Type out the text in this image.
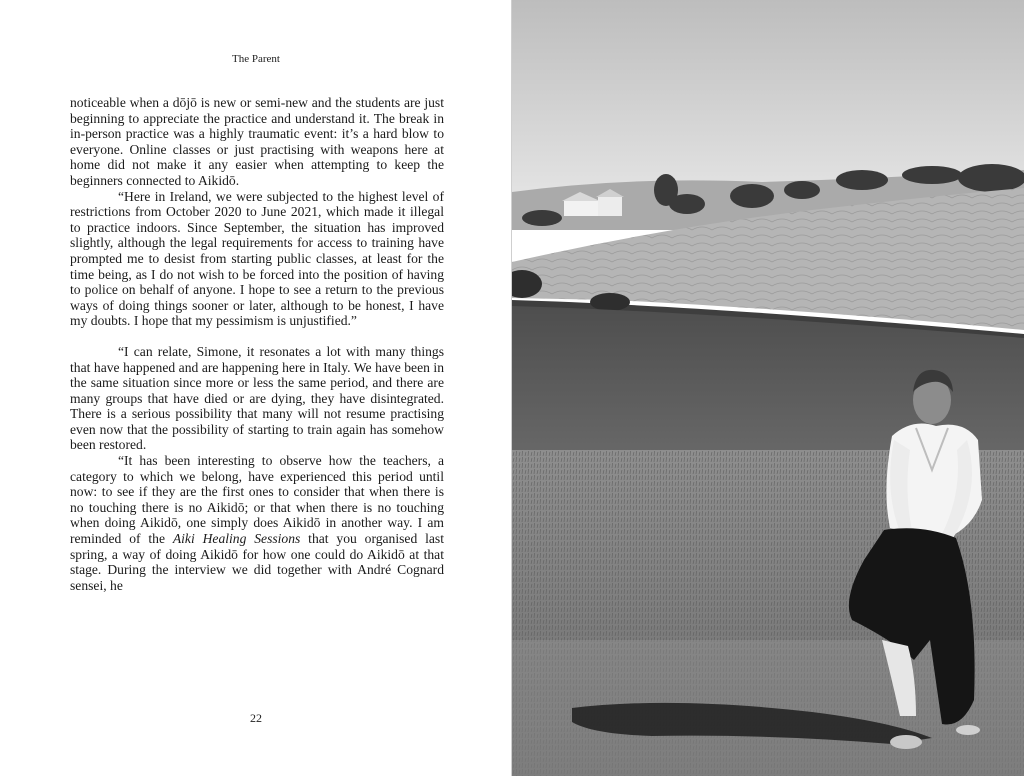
The Parent

noticeable when a dōjō is new or semi-new and the students are just beginning to appreciate the practice and understand it. The break in in-person practice was a highly traumatic event: it’s a hard blow to everyone. Online classes or just practising with weapons here at home did not make it any easier when attempting to keep the beginners connected to Aikidō.

“Here in Ireland, we were subjected to the highest level of restrictions from October 2020 to June 2021, which made it illegal to practice indoors. Since September, the situation has improved slightly, although the legal requirements for access to training have prompted me to desist from starting public classes, at least for the time being, as I do not wish to be forced into the position of having to police on behalf of anyone. I hope to see a return to the previous ways of doing things sooner or later, although to be honest, I have my doubts. I hope that my pessimism is unjustified.”

“I can relate, Simone, it resonates a lot with many things that have happened and are happening here in Italy. We have been in the same situation since more or less the same period, and there are many groups that have died or are dying, they have disintegrated. There is a serious possibility that many will not resume practising even now that the possibility of starting to train again has somehow been restored.

“It has been interesting to observe how the teachers, a category to which we belong, have experienced this period until now: to see if they are the first ones to consider that when there is no touching there is no Aikidō; or that when there is no touching when doing Aikidō, one simply does Aikidō in another way. I am reminded of the Aiki Healing Sessions that you organised last spring, a way of doing Aikidō for how one could do Aikidō at that stage. During the interview we did together with André Cognard sensei, he

22
